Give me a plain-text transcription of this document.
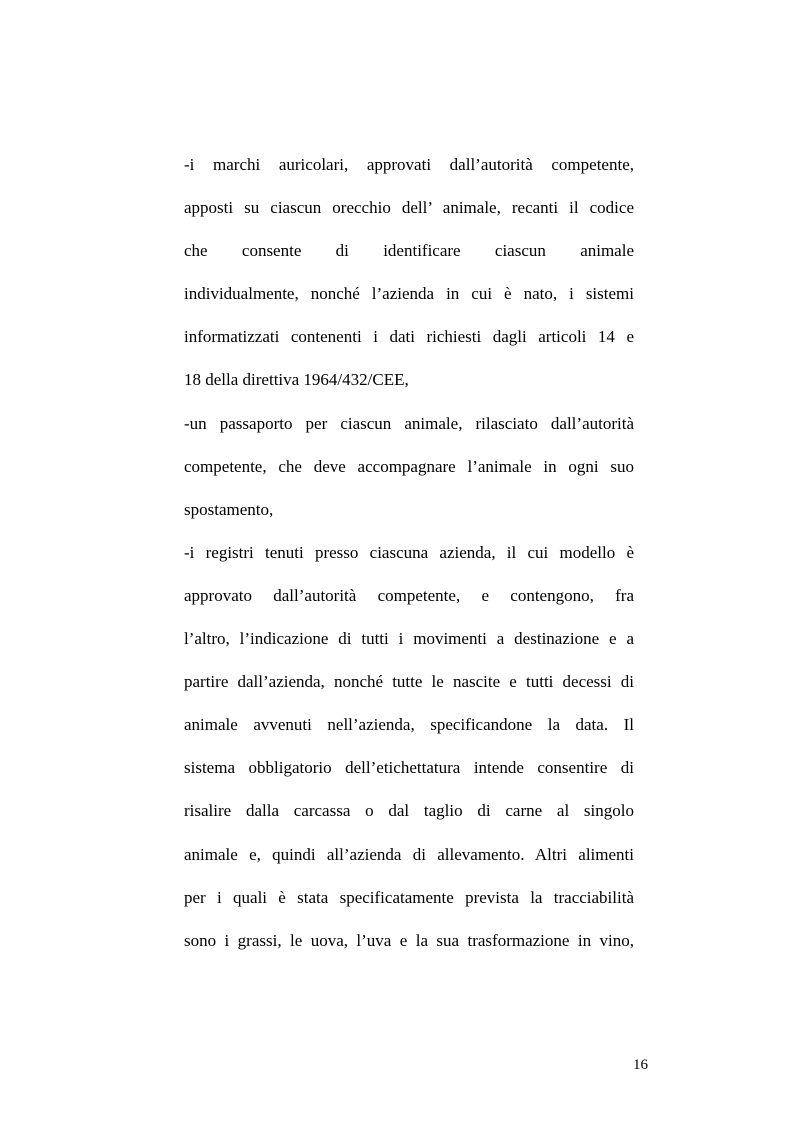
-i marchi auricolari, approvati dall’autorità competente,
apposti su ciascun orecchio dell’ animale, recanti il codice
che consente di identificare ciascun animale
individualmente, nonché l’azienda in cui è nato, i sistemi
informatizzati contenenti i dati richiesti dagli articoli 14 e
18 della direttiva 1964/432/CEE,
-un passaporto per ciascun animale, rilasciato dall’autorità
competente, che deve accompagnare l’animale in ogni suo
spostamento,
-i registri tenuti presso ciascuna azienda, il cui modello è
approvato dall’autorità competente, e contengono, fra
l’altro, l’indicazione di tutti i movimenti a destinazione e a
partire dall’azienda, nonché tutte le nascite e tutti decessi di
animale avvenuti nell’azienda, specificandone la data. Il
sistema obbligatorio dell’etichettatura intende consentire di
risalire dalla carcassa o dal taglio di carne al singolo
animale e, quindi all’azienda di allevamento. Altri alimenti
per i quali è stata specificatamente prevista la tracciabilità
sono i grassi, le uova, l’uva e la sua trasformazione in vino,
16
